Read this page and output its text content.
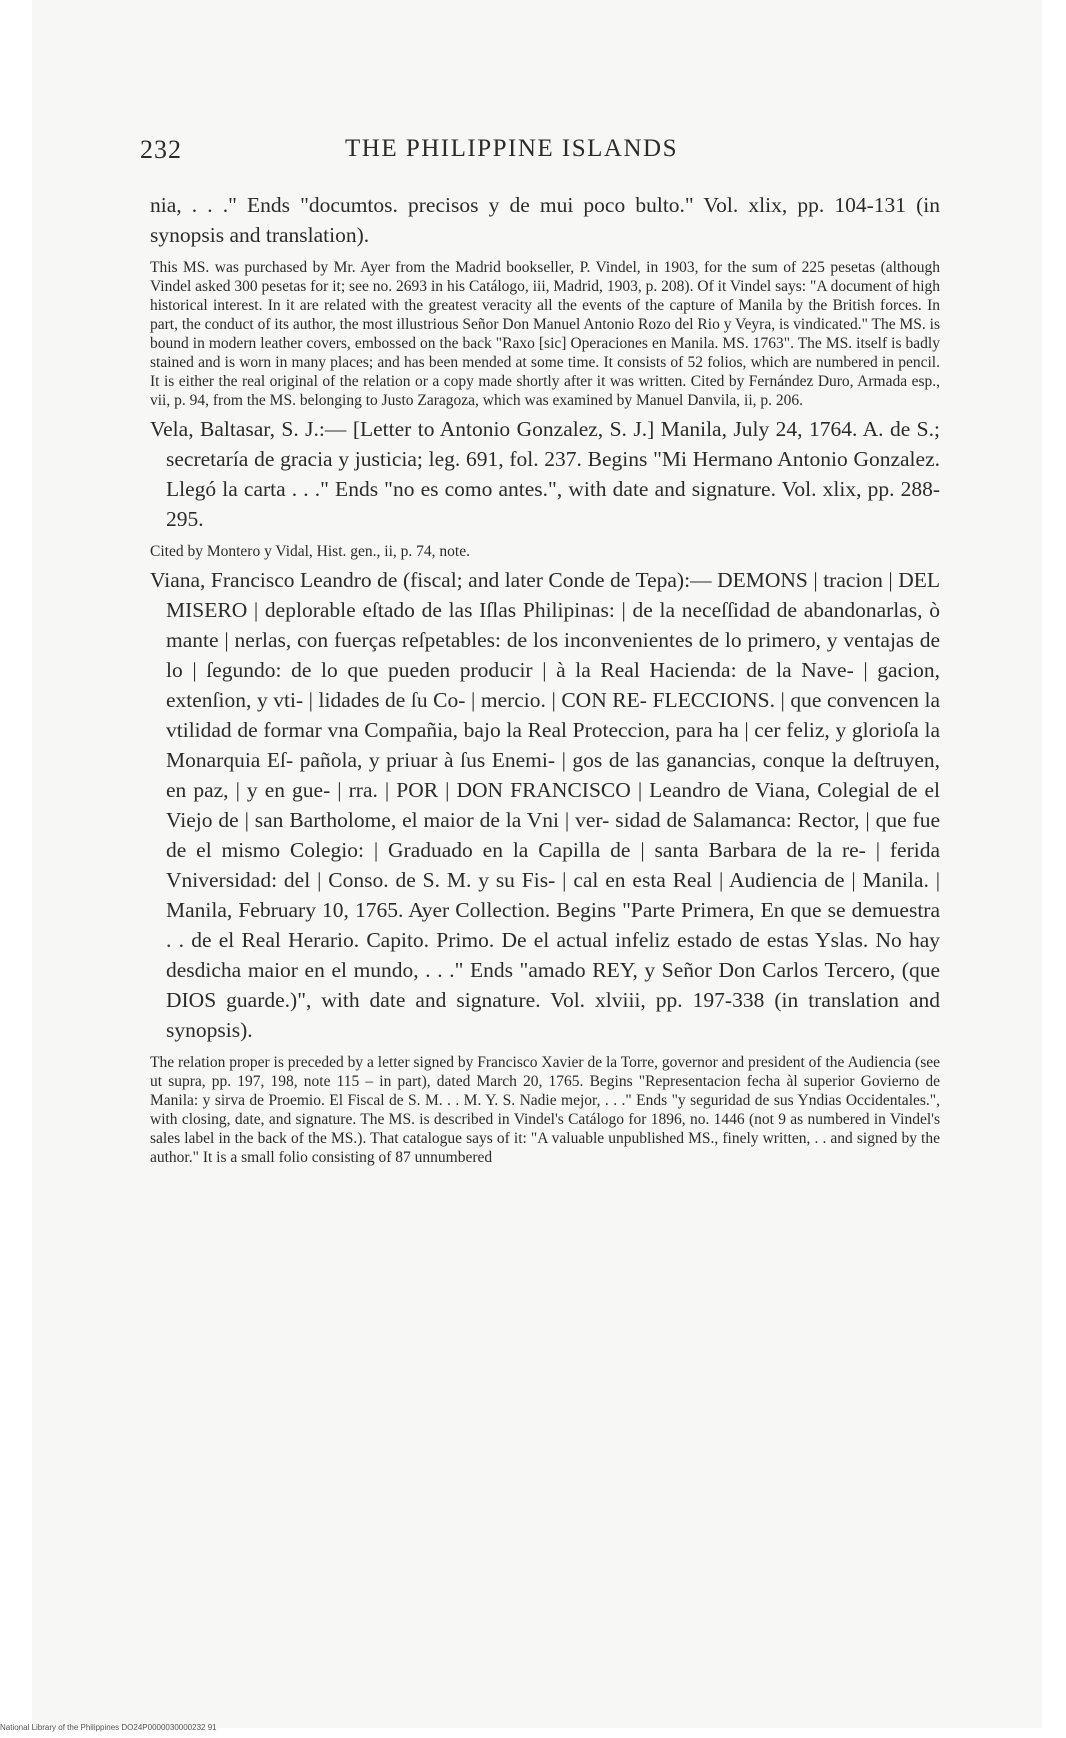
232	THE PHILIPPINE ISLANDS

nia, . . ." Ends "documtos. precisos y de mui poco bulto." Vol. xlix, pp. 104-131 (in synopsis and translation).

This MS. was purchased by Mr. Ayer from the Madrid bookseller, P. Vindel, in 1903, for the sum of 225 pesetas (although Vindel asked 300 pesetas for it; see no. 2693 in his Catálogo, iii, Madrid, 1903, p. 208). Of it Vindel says: "A document of high historical interest. In it are related with the greatest veracity all the events of the capture of Manila by the British forces. In part, the conduct of its author, the most illustrious Señor Don Manuel Antonio Rozo del Rio y Veyra, is vindicated." The MS. is bound in modern leather covers, embossed on the back "Raxo [sic] Operaciones en Manila. MS. 1763". The MS. itself is badly stained and is worn in many places; and has been mended at some time. It consists of 52 folios, which are numbered in pencil. It is either the real original of the relation or a copy made shortly after it was written. Cited by Fernández Duro, Armada esp., vii, p. 94, from the MS. belonging to Justo Zaragoza, which was examined by Manuel Danvila, ii, p. 206.

Vela, Baltasar, S. J.:— [Letter to Antonio Gonzalez, S. J.] Manila, July 24, 1764. A. de S.; secretaría de gracia y justicia; leg. 691, fol. 237. Begins "Mi Hermano Antonio Gonzalez. Llegó la carta . . ." Ends "no es como antes.", with date and signature. Vol. xlix, pp. 288-295.

Cited by Montero y Vidal, Hist. gen., ii, p. 74, note.

Viana, Francisco Leandro de (fiscal; and later Conde de Tepa):— DEMONS | tracion | DEL MISERO | deplorable eſtado de las Iſlas Philipinas: | de la neceſſidad de abandonarlas, ò mante | nerlas, con fuerças reſpetables: de los inconvenientes de lo primero, y ventajas de lo | ſegundo: de lo que pueden producir | à la Real Hacienda: de la Nave- | gacion, extenſion, y vti- | lidades de ſu Co- | mercio. | CON RE- FLECCIONS. | que convencen la vtilidad de formar vna Compañia, bajo la Real Proteccion, para ha | cer feliz, y glorioſa la Monarquia Eſ- pañola, y priuar à ſus Enemi- | gos de las ganancias, conque la deſtruyen, en paz, | y en gue- | rra. | POR | DON FRANCISCO | Leandro de Viana, Colegial de el Viejo de | san Bartholome, el maior de la Vni | ver- sidad de Salamanca: Rector, | que fue de el mismo Colegio: | Graduado en la Capilla de | santa Barbara de la re- | ferida Vniversidad: del | Conso. de S. M. y su Fis- | cal en esta Real | Audiencia de | Manila. | Manila, February 10, 1765. Ayer Collection. Begins "Parte Primera, En que se demuestra . . de el Real Herario. Capito. Primo. De el actual infeliz estado de estas Yslas. No hay desdicha maior en el mundo, . . ." Ends "amado REY, y Señor Don Carlos Tercero, (que DIOS guarde.)", with date and signature. Vol. xlviii, pp. 197-338 (in translation and synopsis).

The relation proper is preceded by a letter signed by Francisco Xavier de la Torre, governor and president of the Audiencia (see ut supra, pp. 197, 198, note 115 – in part), dated March 20, 1765. Begins "Representacion fecha àl superior Govierno de Manila: y sirva de Proemio. El Fiscal de S. M. . . M. Y. S. Nadie mejor, . . ." Ends "y seguridad de sus Yndias Occidentales.", with closing, date, and signature. The MS. is described in Vindel's Catálogo for 1896, no. 1446 (not 9 as numbered in Vindel's sales label in the back of the MS.). That catalogue says of it: "A valuable unpublished MS., finely written, . . and signed by the author." It is a small folio consisting of 87 unnumbered

National Library of the Philippines DO24P0000030000232 91
